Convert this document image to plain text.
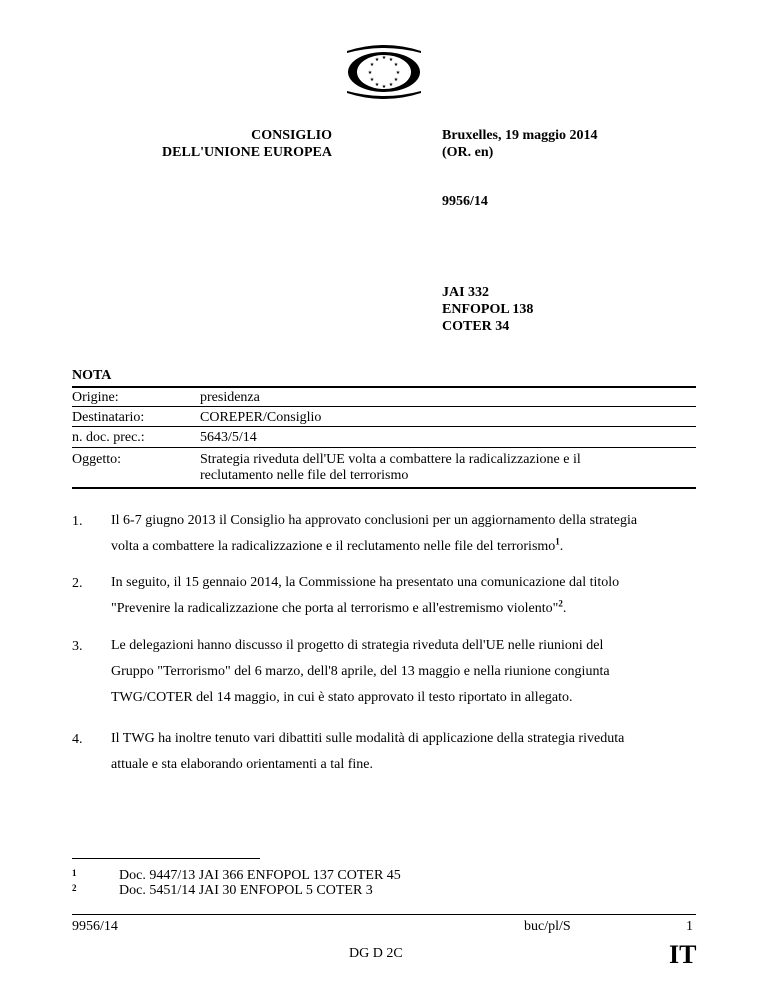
★ ★
★
★
★
★
★
★
★
★
★
★
CONSIGLIO
DELL'UNIONE EUROPEA
Bruxelles, 19 maggio 2014
(OR. en)
9956/14
JAI 332
ENFOPOL 138
COTER 34
NOTA
Origine:	presidenza
Destinatario:	COREPER/Consiglio
n. doc. prec.:	5643/5/14
Oggetto:	Strategia riveduta dell'UE volta a combattere la radicalizzazione e il
reclutamento nelle file del terrorismo
1. Il 6-7 giugno 2013 il Consiglio ha approvato conclusioni per un aggiornamento della strategia
volta a combattere la radicalizzazione e il reclutamento nelle file del terrorismo$^1$.
2. In seguito, il 15 gennaio 2014, la Commissione ha presentato una comunicazione dal titolo
"Prevenire la radicalizzazione che porta al terrorismo e all'estremismo violento"$^2$.
3. Le delegazioni hanno discusso il progetto di strategia riveduta dell'UE nelle riunioni del
Gruppo "Terrorismo" del 6 marzo, dell'8 aprile, del 13 maggio e nella riunione congiunta
TWG/COTER del 14 maggio, in cui è stato approvato il testo riportato in allegato.
4. Il TWG ha inoltre tenuto vari dibattiti sulle modalità di applicazione della strategia riveduta
attuale e sta elaborando orientamenti a tal fine.
1	Doc. 9447/13 JAI 366 ENFOPOL 137 COTER 45
2	Doc. 5451/14 JAI 30 ENFOPOL 5 COTER 3
9956/14	buc/pl/S	1
DG D 2C	IT
